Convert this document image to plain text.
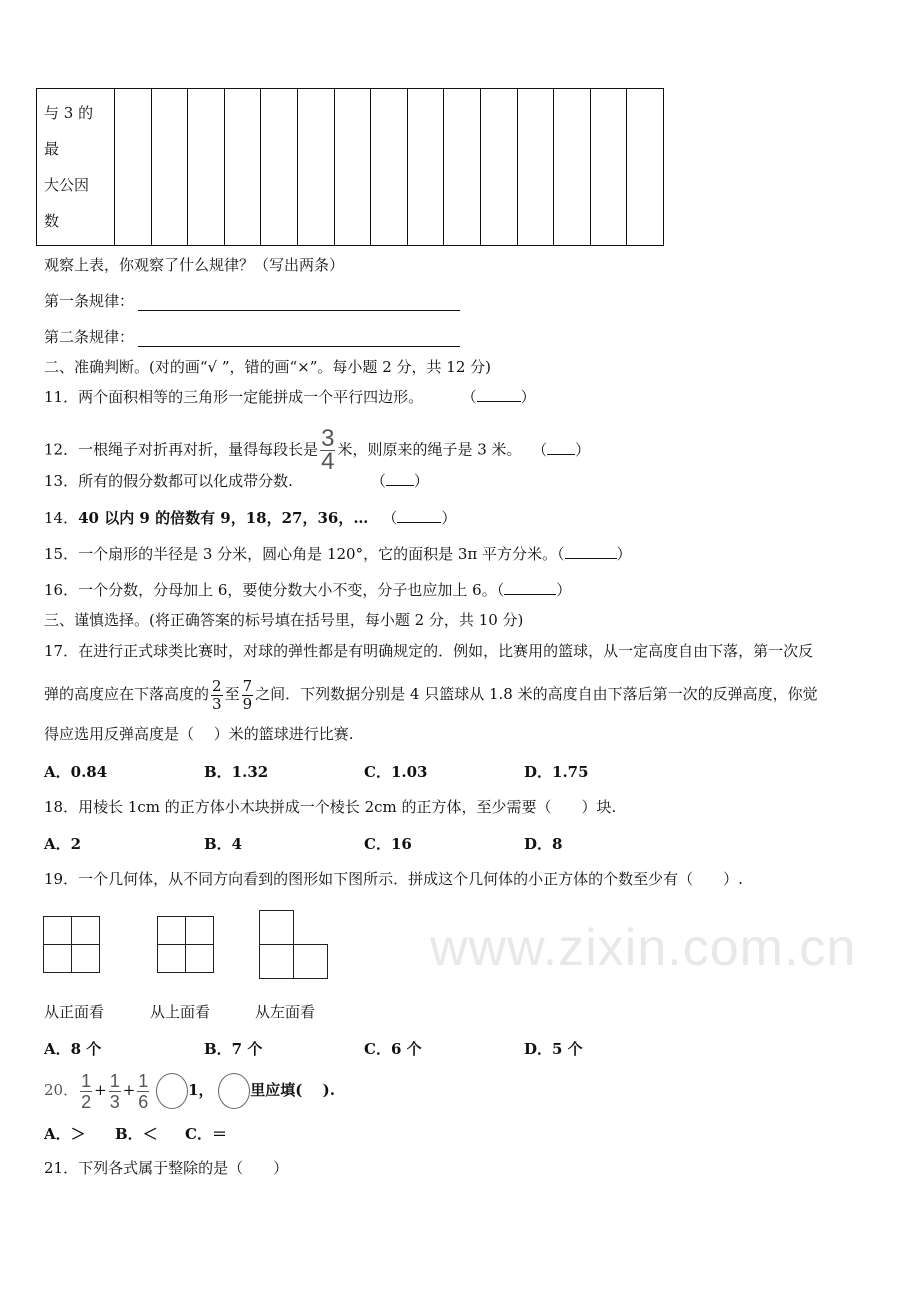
www.zixin.com.cn
与 3 的
最
大公因
数

观察上表，你观察了什么规律？（写出两条）
第一条规律：
第二条规律：
二、准确判断。(对的画“√ ”，错的画“×”。每小题 2 分，共 12 分)
11．两个面积相等的三角形一定能拼成一个平行四边形。	（	）
12．一根绳子对折再对折，量得每段长是 $\frac{3}{4}$ 米，则原来的绳子是 3 米。 （ ）
13．所有的假分数都可以化成带分数.	（ ）
14．40 以内 9 的倍数有 9，18，27，36，… （	）
15．一个扇形的半径是 3 分米，圆心角是 120°，它的面积是 3π 平方分米。（	）
16．一个分数，分母加上 6，要使分数大小不变，分子也应加上 6。（	）
三、谨慎选择。(将正确答案的标号填在括号里，每小题 2 分，共 10 分)
17．在进行正式球类比赛时，对球的弹性都是有明确规定的．例如，比赛用的篮球，从一定高度自由下落，第一次反
弹的高度应在下落高度的 $\frac{2}{3}$ 至 $\frac{7}{9}$ 之间．下列数据分别是 4 只篮球从 1.8 米的高度自由下落后第一次的反弹高度，你觉
得应选用反弹高度是（　 ）米的篮球进行比赛.
A．0.84	B．1.32	C．1.03	D．1.75
18．用棱长 1cm 的正方体小木块拼成一个棱长 2cm 的正方体，至少需要（　　）块.
A．2	B．4	C．16	D．8
19．一个几何体，从不同方向看到的图形如下图所示．拼成这个几何体的小正方体的个数至少有（　　）.
从正面看	从上面看	从左面看
A．8 个	B．7 个	C．6 个	D．5 个
20． $\frac{1}{2} + \frac{1}{3} + \frac{1}{6}$	1， 里应填(　 ).
A．＞ B．＜ C．＝
21．下列各式属于整除的是（　　）
